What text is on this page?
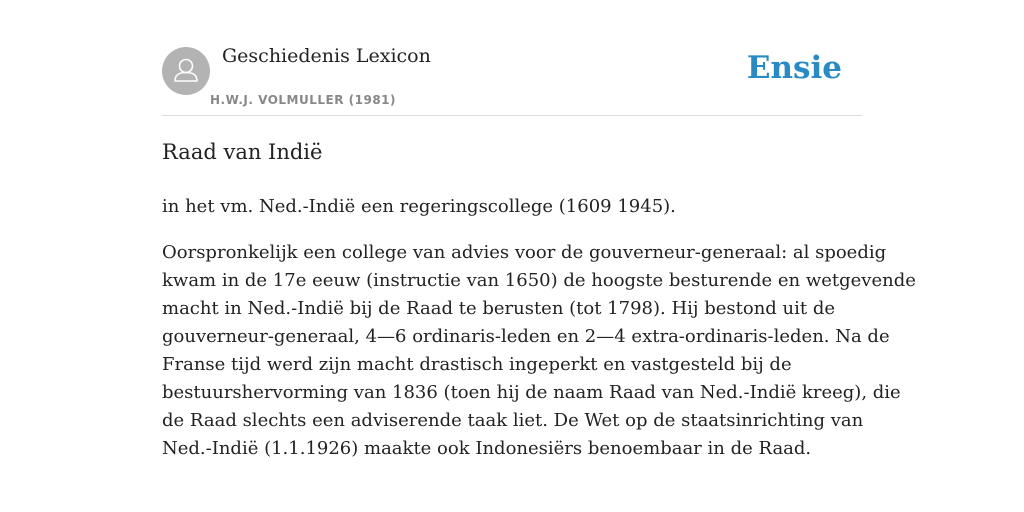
Geschiedenis Lexicon
H.W.J. VOLMULLER (1981)
Ensie
Raad van Indië

in het vm. Ned.-Indië een regeringscollege (1609 1945).

Oorspronkelijk een college van advies voor de gouverneur-generaal: al spoedig
kwam in de 17e eeuw (instructie van 1650) de hoogste besturende en wetgevende
macht in Ned.-Indië bij de Raad te berusten (tot 1798). Hij bestond uit de
gouverneur-generaal, 4—6 ordinaris-leden en 2—4 extra-ordinaris-leden. Na de
Franse tijd werd zijn macht drastisch ingeperkt en vastgesteld bij de
bestuurshervorming van 1836 (toen hij de naam Raad van Ned.-Indië kreeg), die
de Raad slechts een adviserende taak liet. De Wet op de staatsinrichting van
Ned.-Indië (1.1.1926) maakte ook Indonesiërs benoembaar in de Raad.
